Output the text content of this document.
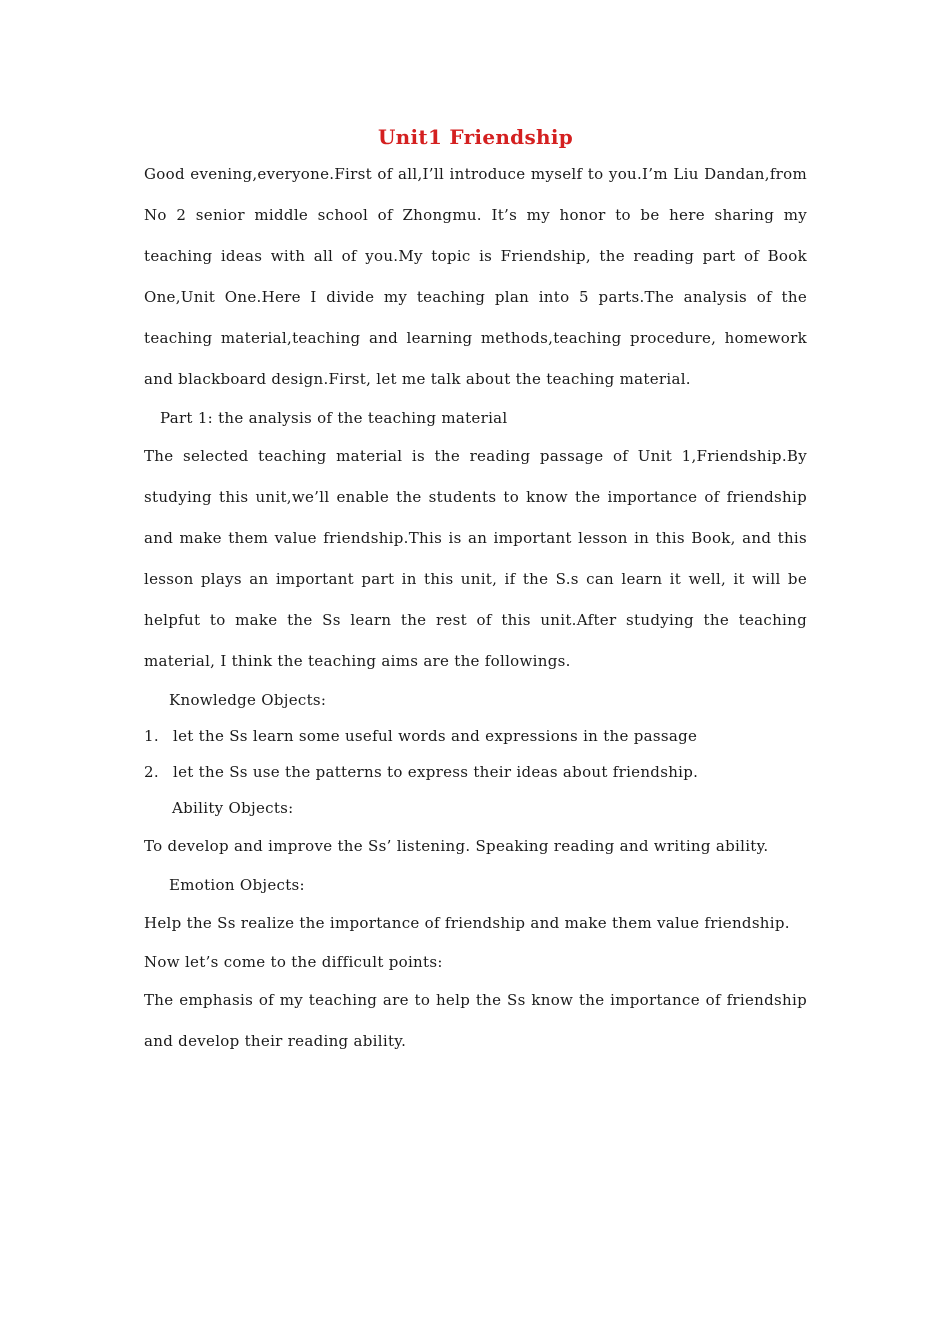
Unit1 Friendship

Good evening,everyone.First of all,I’ll introduce myself to you.I’m Liu Dandan,from No 2 senior middle school of Zhongmu. It’s my honor to be here sharing my teaching ideas with all of you.My topic is Friendship, the reading part of Book One,Unit One.Here I divide my teaching plan into 5 parts.The analysis of the teaching material,teaching and learning methods,teaching procedure, homework and blackboard design.First, let me talk about the teaching material.

Part 1: the analysis of the teaching material

The selected teaching material is the reading passage of Unit 1,Friendship.By studying this unit,we’ll enable the students to know the importance of friendship and make them value friendship.This is an important lesson in this Book, and this lesson plays an important part in this unit, if the S.s can learn it well, it will be helpfut to make the Ss learn the rest of this unit.After studying the teaching material, I think the teaching aims are the followings.

Knowledge Objects:

1. let the Ss learn some useful words and expressions in the passage
2. let the Ss use the patterns to express their ideas about friendship.

Ability Objects:

To develop and improve the Ss’ listening. Speaking reading and writing ability.

Emotion Objects:

Help the Ss realize the importance of friendship and make them value friendship.

Now let’s come to the difficult points:

The emphasis of my teaching are to help the Ss know the importance of friendship and develop their reading ability.
